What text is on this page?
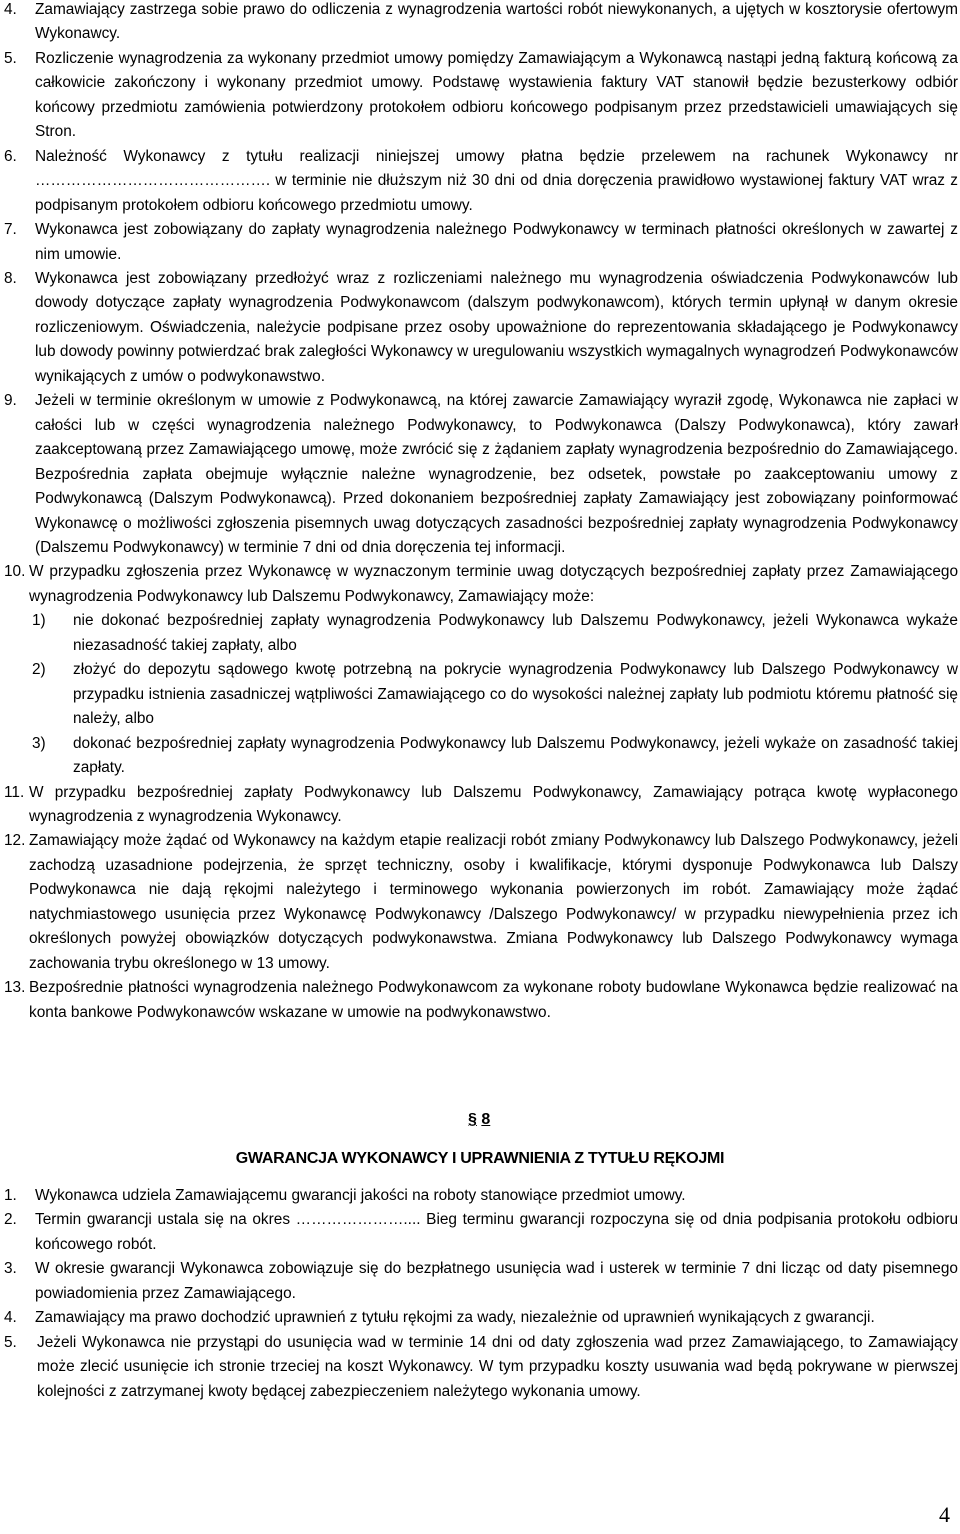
4. Zamawiający zastrzega sobie prawo do odliczenia z wynagrodzenia wartości robót niewykonanych, a ujętych w kosztorysie ofertowym Wykonawcy.
5. Rozliczenie wynagrodzenia za wykonany przedmiot umowy pomiędzy Zamawiającym a Wykonawcą nastąpi jedną fakturą końcową za całkowicie zakończony i wykonany przedmiot umowy. Podstawę wystawienia faktury VAT stanowił będzie bezusterkowy odbiór końcowy przedmiotu zamówienia potwierdzony protokołem odbioru końcowego podpisanym przez przedstawicieli umawiających się Stron.
6. Należność Wykonawcy z tytułu realizacji niniejszej umowy płatna będzie przelewem na rachunek Wykonawcy nr ………………………………………. w terminie nie dłuższym niż 30 dni od dnia doręczenia prawidłowo wystawionej faktury VAT wraz z podpisanym protokołem odbioru końcowego przedmiotu umowy.
7. Wykonawca jest zobowiązany do zapłaty wynagrodzenia należnego Podwykonawcy w terminach płatności określonych w zawartej z nim umowie.
8. Wykonawca jest zobowiązany przedłożyć wraz z rozliczeniami należnego mu wynagrodzenia oświadczenia Podwykonawców lub dowody dotyczące zapłaty wynagrodzenia Podwykonawcom (dalszym podwykonawcom), których termin upłynął w danym okresie rozliczeniowym. Oświadczenia, należycie podpisane przez osoby upoważnione do reprezentowania składającego je Podwykonawcy lub dowody powinny potwierdzać brak zaległości Wykonawcy w uregulowaniu wszystkich wymagalnych wynagrodzeń Podwykonawców wynikających z umów o podwykonawstwo.
9. Jeżeli w terminie określonym w umowie z Podwykonawcą, na której zawarcie Zamawiający wyraził zgodę, Wykonawca nie zapłaci w całości lub w części wynagrodzenia należnego Podwykonawcy, to Podwykonawca (Dalszy Podwykonawca), który zawarł zaakceptowaną przez Zamawiającego umowę, może zwrócić się z żądaniem zapłaty wynagrodzenia bezpośrednio do Zamawiającego. Bezpośrednia zapłata obejmuje wyłącznie należne wynagrodzenie, bez odsetek, powstałe po zaakceptowaniu umowy z Podwykonawcą (Dalszym Podwykonawcą). Przed dokonaniem bezpośredniej zapłaty Zamawiający jest zobowiązany poinformować Wykonawcę o możliwości zgłoszenia pisemnych uwag dotyczących zasadności bezpośredniej zapłaty wynagrodzenia Podwykonawcy (Dalszemu Podwykonawcy) w terminie 7 dni od dnia doręczenia tej informacji.
10. W przypadku zgłoszenia przez Wykonawcę w wyznaczonym terminie uwag dotyczących bezpośredniej zapłaty przez Zamawiającego wynagrodzenia Podwykonawcy lub Dalszemu Podwykonawcy, Zamawiający może:
1) nie dokonać bezpośredniej zapłaty wynagrodzenia Podwykonawcy lub Dalszemu Podwykonawcy, jeżeli Wykonawca wykaże niezasadność takiej zapłaty, albo
2) złożyć do depozytu sądowego kwotę potrzebną na pokrycie wynagrodzenia Podwykonawcy lub Dalszego Podwykonawcy w przypadku istnienia zasadniczej wątpliwości Zamawiającego co do wysokości należnej zapłaty lub podmiotu któremu płatność się należy, albo
3) dokonać bezpośredniej zapłaty wynagrodzenia Podwykonawcy lub Dalszemu Podwykonawcy, jeżeli wykaże on zasadność takiej zapłaty.
11. W przypadku bezpośredniej zapłaty Podwykonawcy lub Dalszemu Podwykonawcy, Zamawiający potrąca kwotę wypłaconego wynagrodzenia z wynagrodzenia Wykonawcy.
12. Zamawiający może żądać od Wykonawcy na każdym etapie realizacji robót zmiany Podwykonawcy lub Dalszego Podwykonawcy, jeżeli zachodzą uzasadnione podejrzenia, że sprzęt techniczny, osoby i kwalifikacje, którymi dysponuje Podwykonawca lub Dalszy Podwykonawca nie dają rękojmi należytego i terminowego wykonania powierzonych im robót. Zamawiający może żądać natychmiastowego usunięcia przez Wykonawcę Podwykonawcy /Dalszego Podwykonawcy/ w przypadku niewypełnienia przez ich określonych powyżej obowiązków dotyczących podwykonawstwa. Zmiana Podwykonawcy lub Dalszego Podwykonawcy wymaga zachowania trybu określonego w 13 umowy.
13. Bezpośrednie płatności wynagrodzenia należnego Podwykonawcom za wykonane roboty budowlane Wykonawca będzie realizować na konta bankowe Podwykonawców wskazane w umowie na podwykonawstwo.
§ 8
GWARANCJA WYKONAWCY I UPRAWNIENIA Z TYTUŁU RĘKOJMI
1. Wykonawca udziela Zamawiającemu gwarancji jakości na roboty stanowiące przedmiot umowy.
2. Termin gwarancji ustala się na okres ………………….... Bieg terminu gwarancji rozpoczyna się od dnia podpisania protokołu odbioru końcowego robót.
3. W okresie gwarancji Wykonawca zobowiązuje się do bezpłatnego usunięcia wad i usterek w terminie 7 dni licząc od daty pisemnego powiadomienia przez Zamawiającego.
4. Zamawiający ma prawo dochodzić uprawnień z tytułu rękojmi za wady, niezależnie od uprawnień wynikających z gwarancji.
5. Jeżeli Wykonawca nie przystąpi do usunięcia wad w terminie 14 dni od daty zgłoszenia wad przez Zamawiającego, to Zamawiający może zlecić usunięcie ich stronie trzeciej na koszt Wykonawcy. W tym przypadku koszty usuwania wad będą pokrywane w pierwszej kolejności z zatrzymanej kwoty będącej zabezpieczeniem należytego wykonania umowy.
4
